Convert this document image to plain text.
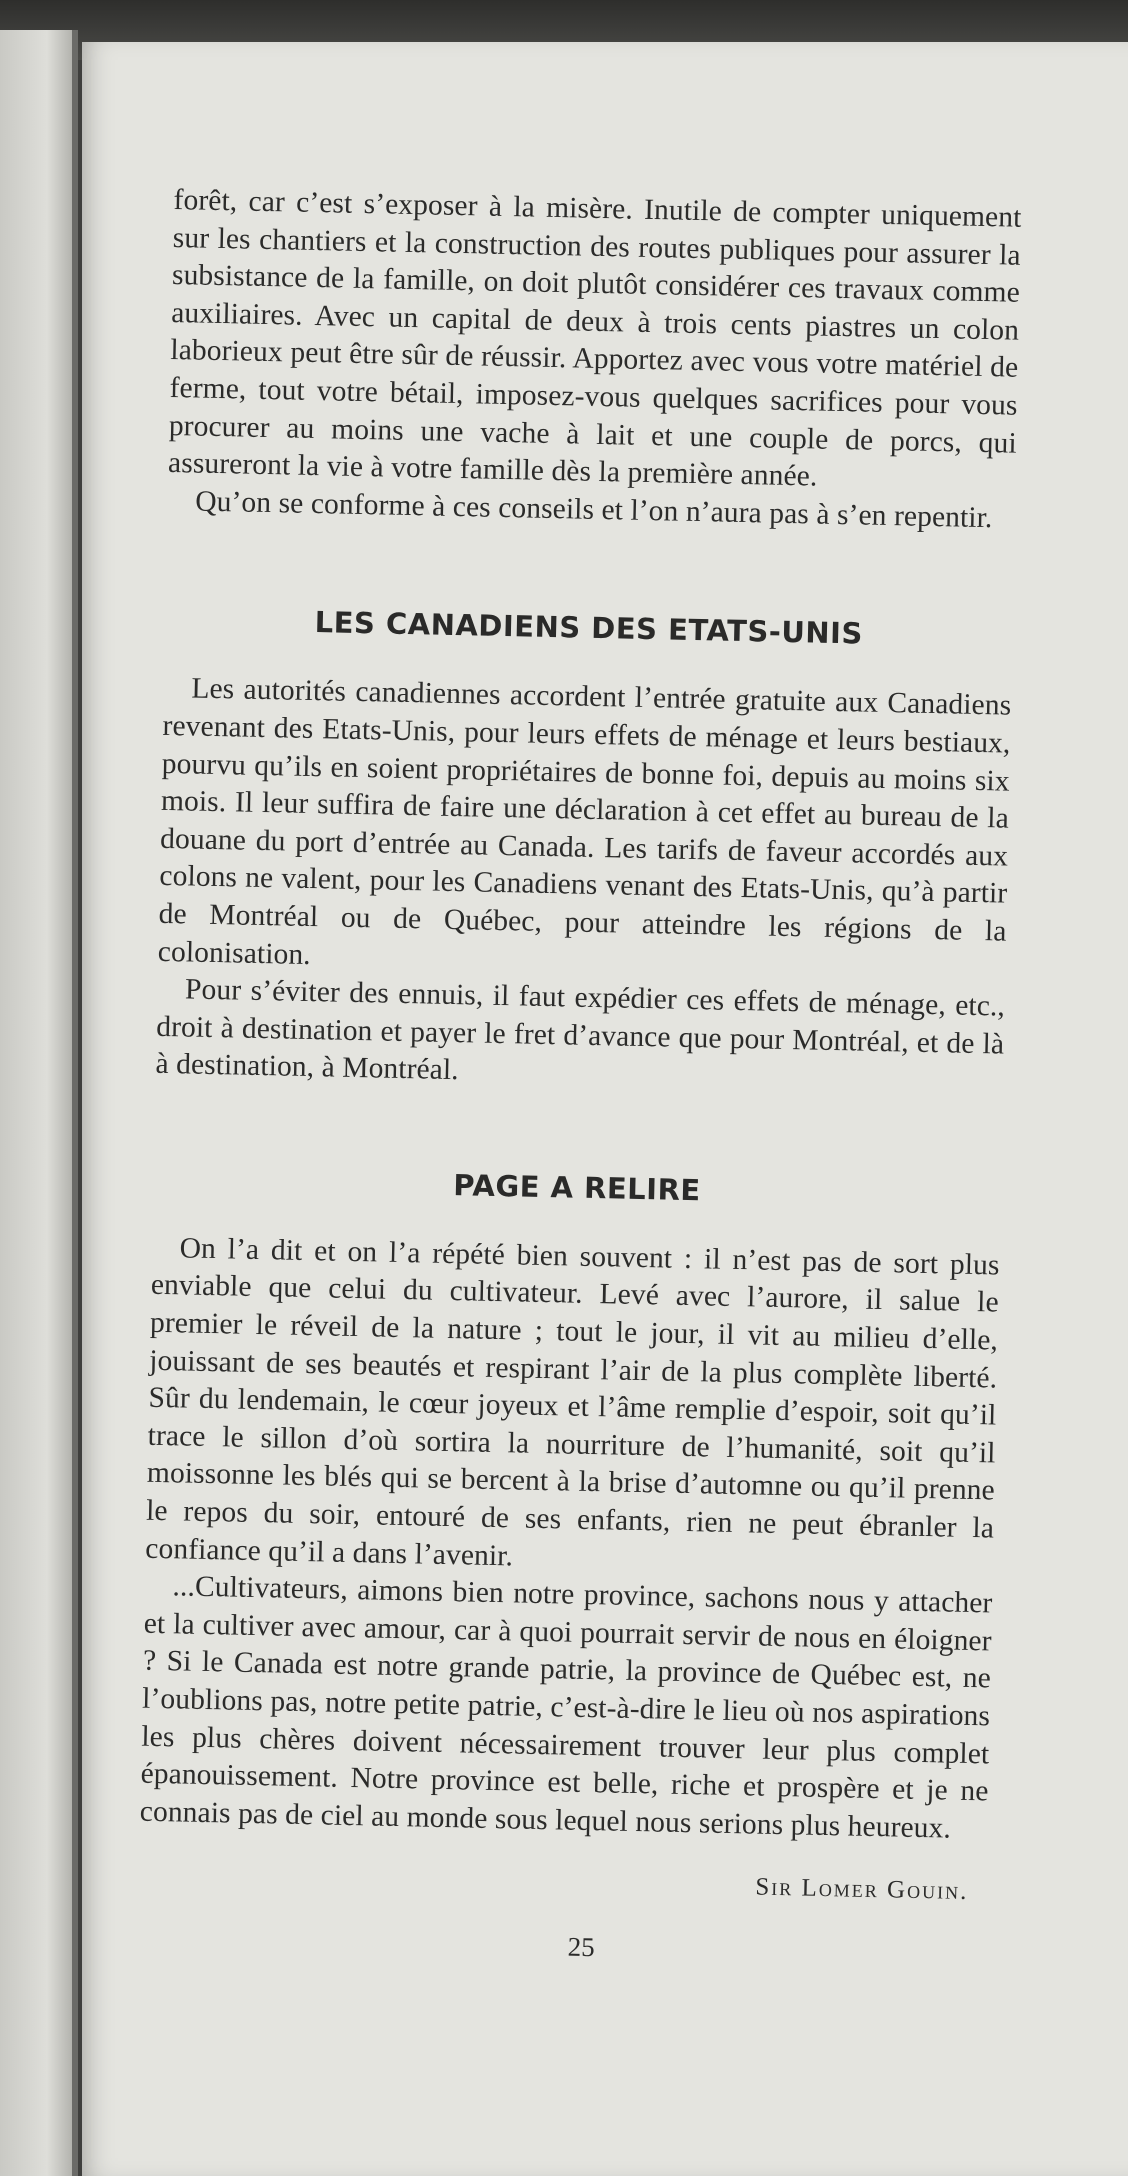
forêt, car c’est s’exposer à la misère. Inutile de compter uniquement sur les chantiers et la construction des routes publiques pour assurer la subsistance de la famille, on doit plutôt considérer ces travaux comme auxiliaires. Avec un capital de deux à trois cents piastres un colon laborieux peut être sûr de réussir. Apportez avec vous votre matériel de ferme, tout votre bétail, imposez-vous quelques sacrifices pour vous procurer au moins une vache à lait et une couple de porcs, qui assureront la vie à votre famille dès la première année.

Qu’on se conforme à ces conseils et l’on n’aura pas à s’en repentir.

LES CANADIENS DES ETATS-UNIS

Les autorités canadiennes accordent l’entrée gratuite aux Canadiens revenant des Etats-Unis, pour leurs effets de ménage et leurs bestiaux, pourvu qu’ils en soient propriétaires de bonne foi, depuis au moins six mois. Il leur suffira de faire une déclaration à cet effet au bureau de la douane du port d’entrée au Canada. Les tarifs de faveur accordés aux colons ne valent, pour les Canadiens venant des Etats-Unis, qu’à partir de Montréal ou de Québec, pour atteindre les régions de la colonisation.

Pour s’éviter des ennuis, il faut expédier ces effets de ménage, etc., droit à destination et payer le fret d’avance que pour Montréal, et de là à destination, à Montréal.

PAGE A RELIRE

On l’a dit et on l’a répété bien souvent : il n’est pas de sort plus enviable que celui du cultivateur. Levé avec l’aurore, il salue le premier le réveil de la nature ; tout le jour, il vit au milieu d’elle, jouissant de ses beautés et respirant l’air de la plus complète liberté. Sûr du lendemain, le cœur joyeux et l’âme remplie d’espoir, soit qu’il trace le sillon d’où sortira la nourriture de l’humanité, soit qu’il moissonne les blés qui se bercent à la brise d’automne ou qu’il prenne le repos du soir, entouré de ses enfants, rien ne peut ébranler la confiance qu’il a dans l’avenir.

...Cultivateurs, aimons bien notre province, sachons nous y attacher et la cultiver avec amour, car à quoi pourrait servir de nous en éloigner ? Si le Canada est notre grande patrie, la province de Québec est, ne l’oublions pas, notre petite patrie, c’est-à-dire le lieu où nos aspirations les plus chères doivent nécessairement trouver leur plus complet épanouissement. Notre province est belle, riche et prospère et je ne connais pas de ciel au monde sous lequel nous serions plus heureux.

Sir Lomer Gouin.

25
